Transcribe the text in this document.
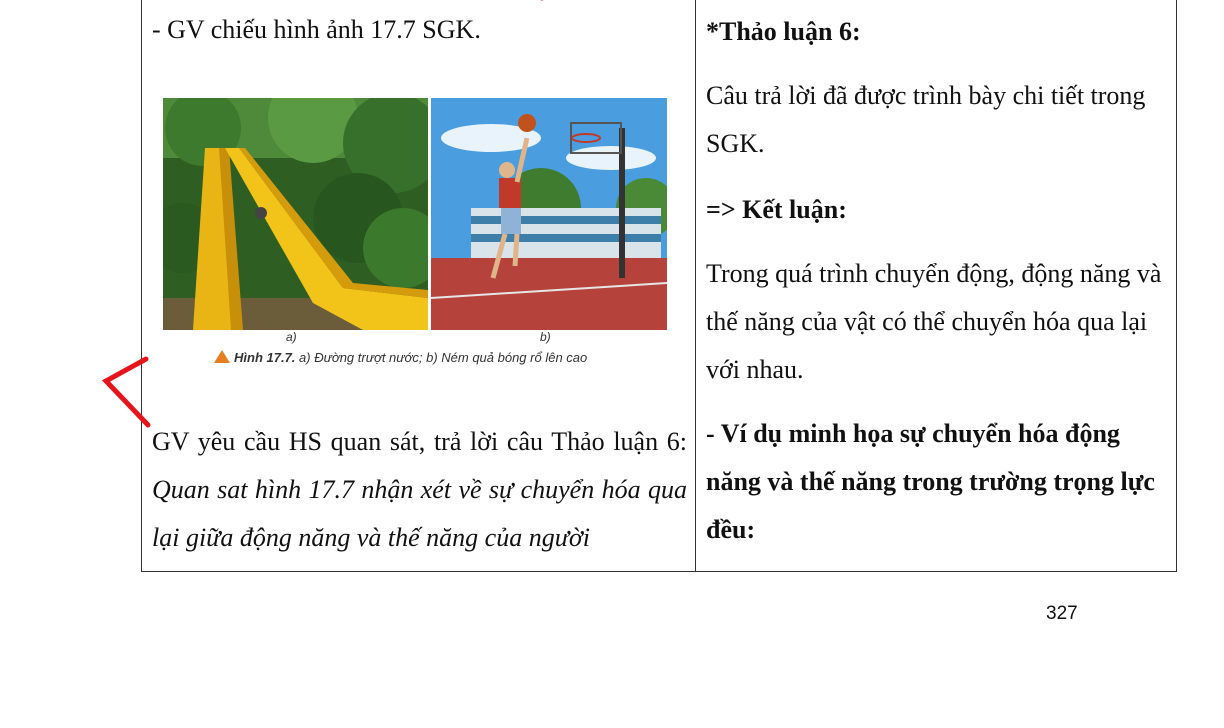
- GV chiếu hình ảnh 17.7 SGK.

GV yêu cầu HS quan sát, trả lời câu Thảo luận 6: Quan sat hình 17.7 nhận xét về sự chuyển hóa qua lại giữa động năng và thế năng của người

*Thảo luận 6:

Câu trả lời đã được trình bày chi tiết trong SGK.

=> Kết luận:

Trong quá trình chuyển động, động năng và thế năng của vật có thể chuyển hóa qua lại với nhau.

- Ví dụ minh họa sự chuyển hóa động năng và thế năng trong trường trọng lực đều:

a)	b)
Hình 17.7. a) Đường trượt nước; b) Ném quả bóng rổ lên cao
327
